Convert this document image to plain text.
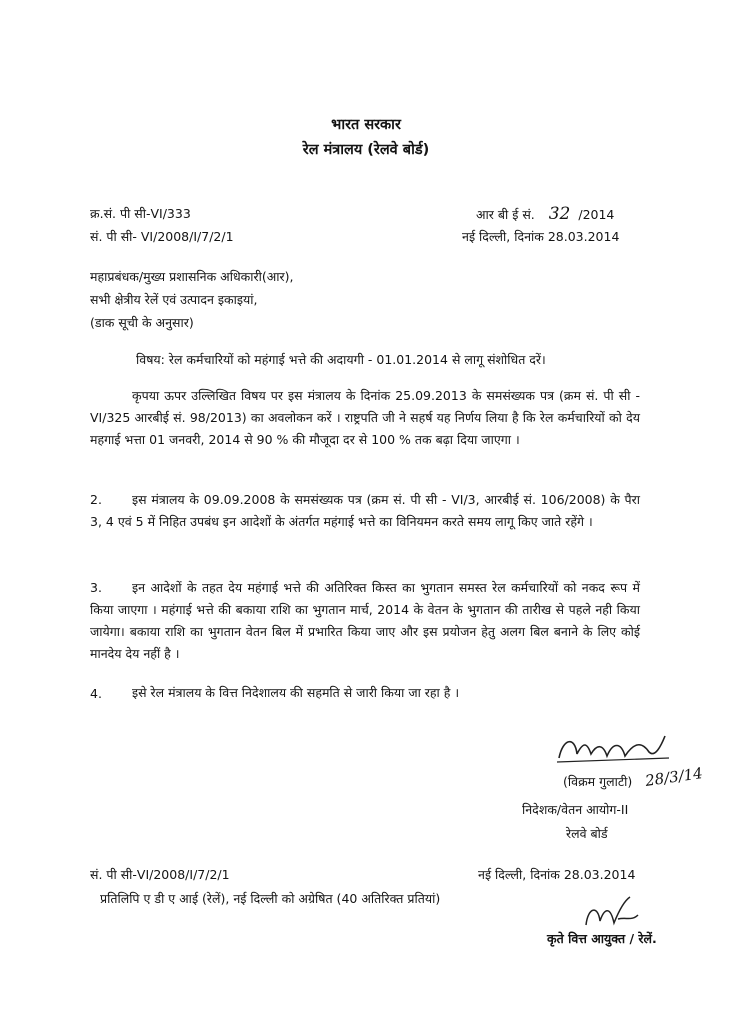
भारत सरकार
रेल मंत्रालय (रेलवे बोर्ड)
क्र.सं. पी सी-VI/333
सं. पी सी- VI/2008/I/7/2/1
आर बी ई सं. 32 /2014
नई दिल्ली, दिनांक 28.03.2014
महाप्रबंधक/मुख्य प्रशासनिक अधिकारी(आर),
सभी क्षेत्रीय रेलें एवं उत्पादन इकाइयां,
(डाक सूची के अनुसार)
विषय: रेल कर्मचारियों को महंगाई भत्ते की अदायगी - 01.01.2014 से लागू संशोधित दरें।
कृपया ऊपर उल्लिखित विषय पर इस मंत्रालय के दिनांक 25.09.2013 के समसंख्यक पत्र (क्रम सं. पी सी - VI/325 आरबीई सं. 98/2013) का अवलोकन करें । राष्ट्रपति जी ने सहर्ष यह निर्णय लिया है कि रेल कर्मचारियों को देय महगाई भत्ता 01 जनवरी, 2014 से 90 % की मौजूदा दर से 100 % तक बढ़ा दिया जाएगा ।
2.	इस मंत्रालय के 09.09.2008 के समसंख्यक पत्र (क्रम सं. पी सी - VI/3, आरबीई सं. 106/2008) के पैरा 3, 4 एवं 5 में निहित उपबंध इन आदेशों के अंतर्गत महंगाई भत्ते का विनियमन करते समय लागू किए जाते रहेंगे ।
3.	इन आदेशों के तहत देय महंगाई भत्ते की अतिरिक्त किस्त का भुगतान समस्त रेल कर्मचारियों को नकद रूप में किया जाएगा । महंगाई भत्ते की बकाया राशि का भुगतान मार्च, 2014 के वेतन के भुगतान की तारीख से पहले नही किया जायेगा। बकाया राशि का भुगतान वेतन बिल में प्रभारित किया जाए और इस प्रयोजन हेतु अलग बिल बनाने के लिए कोई मानदेय देय नहीं है ।
4. इसे रेल मंत्रालय के वित्त निदेशालय की सहमति से जारी किया जा रहा है ।
(विक्रम गुलाटी) 28/3/14
निदेशक/वेतन आयोग-II
रेलवे बोर्ड
सं. पी सी-VI/2008/I/7/2/1	नई दिल्ली, दिनांक 28.03.2014
प्रतिलिपि ए डी ए आई (रेलें), नई दिल्ली को अग्रेषित (40 अतिरिक्त प्रतियां)
कृते वित्त आयुक्त / रेलें.
